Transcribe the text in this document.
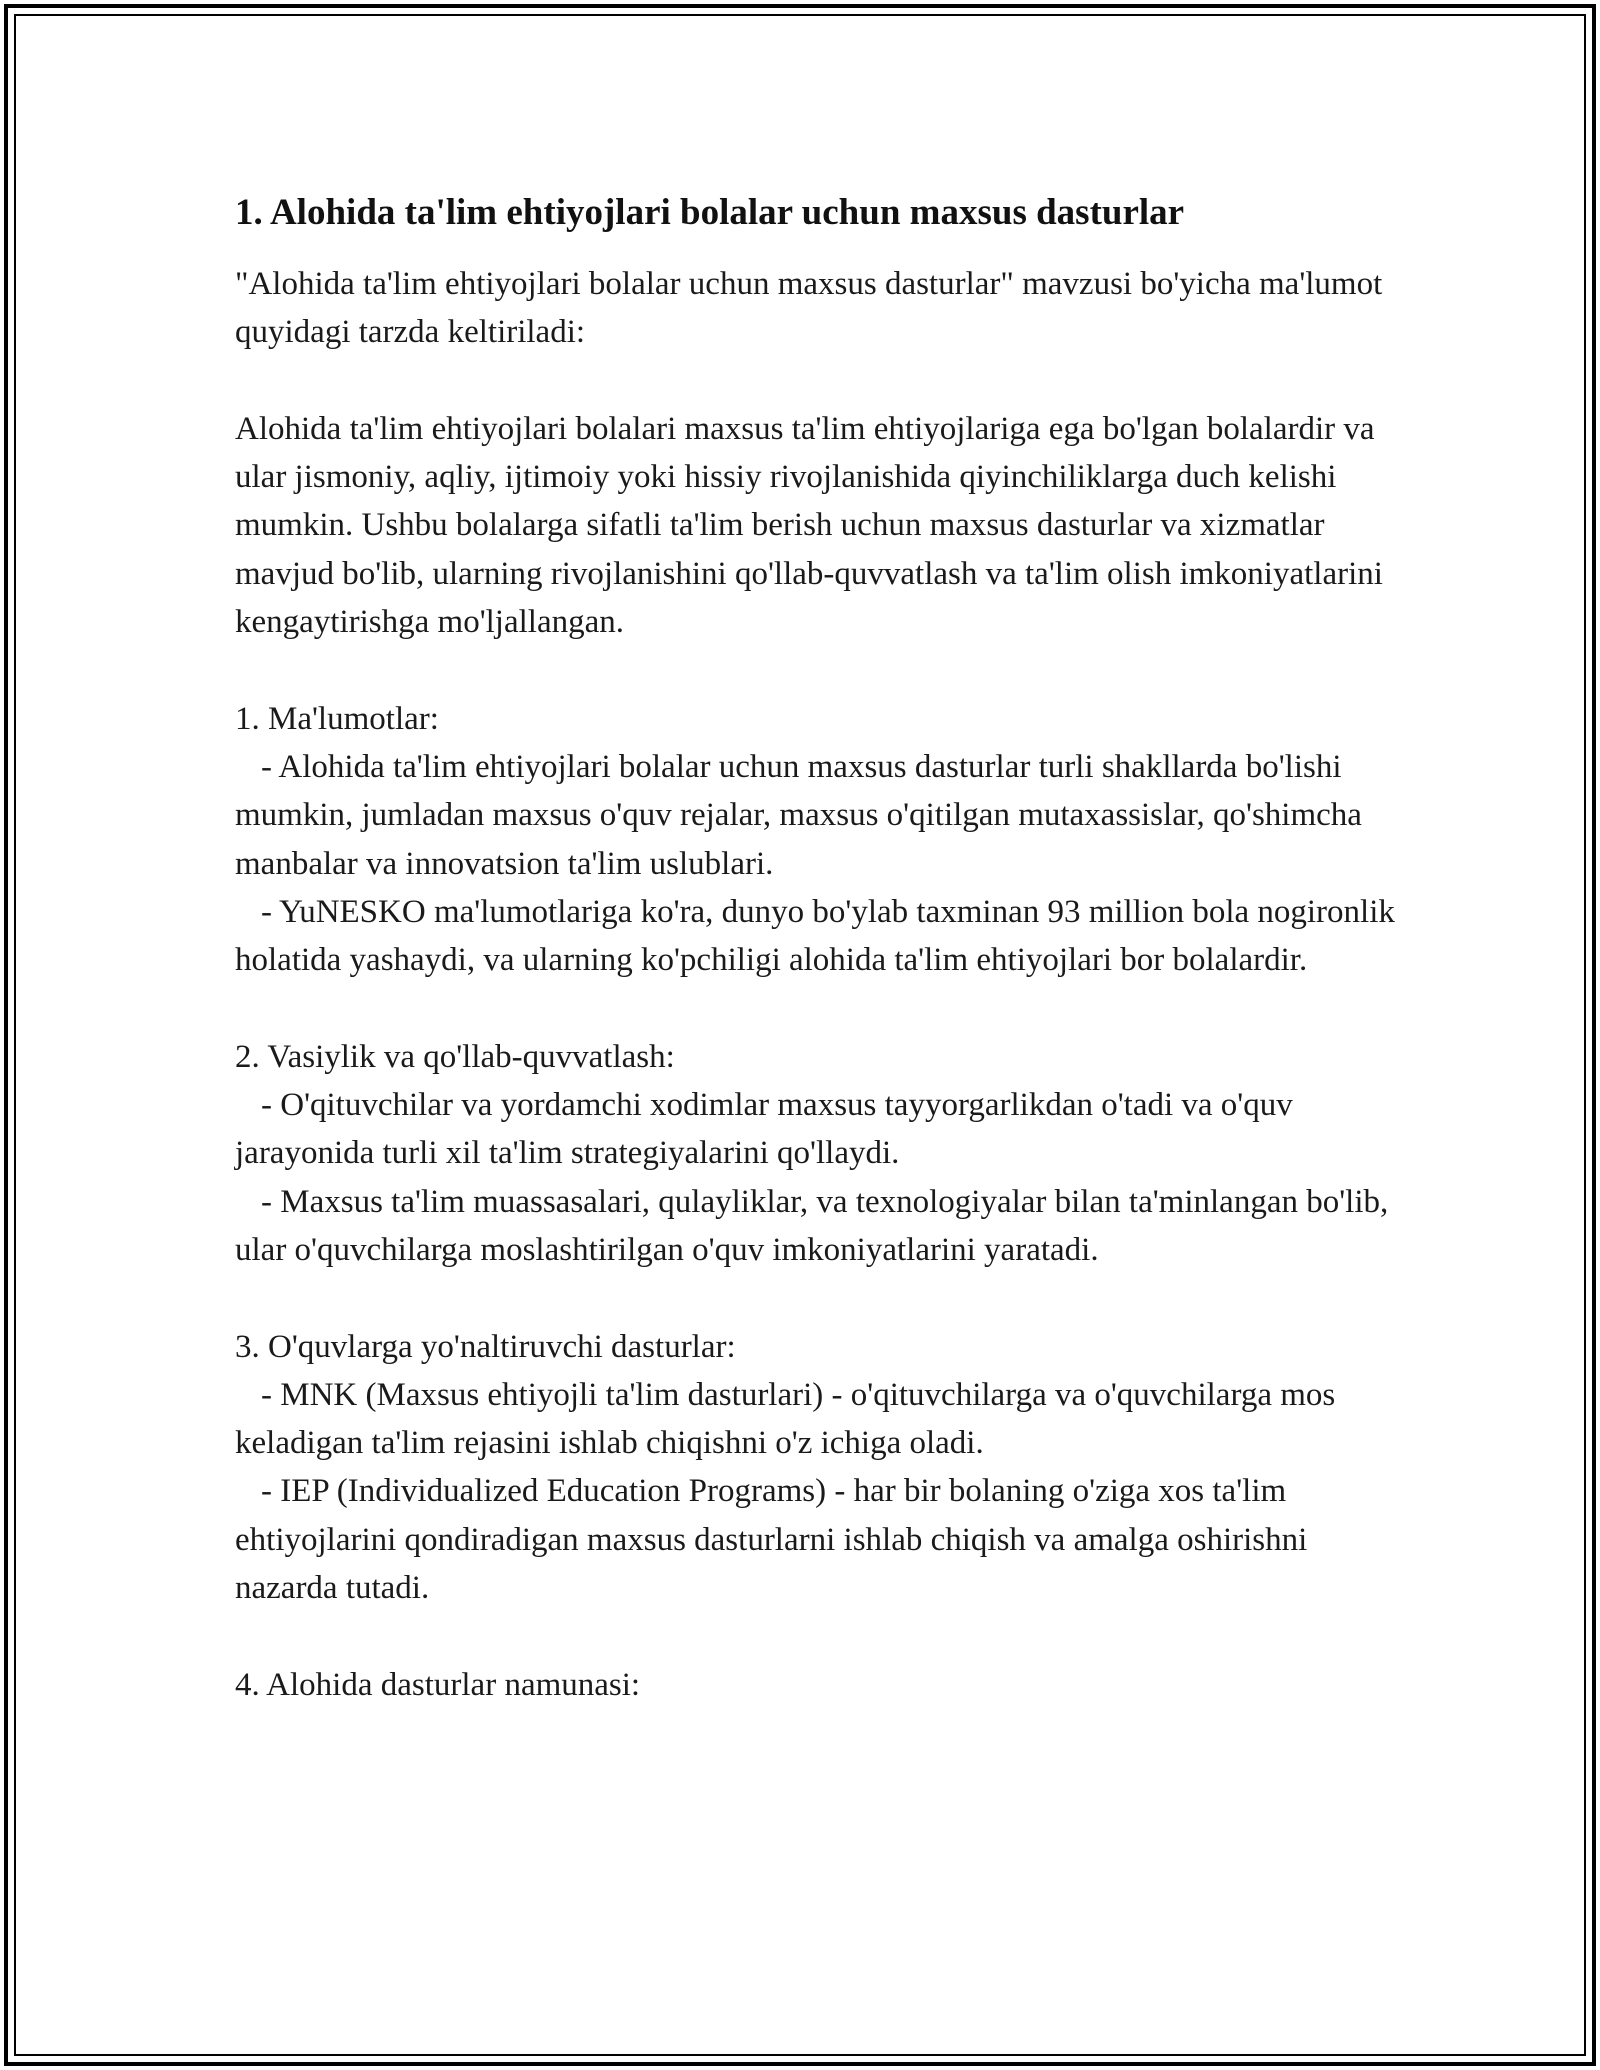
1. Alohida ta'lim ehtiyojlari bolalar uchun maxsus dasturlar

"Alohida ta'lim ehtiyojlari bolalar uchun maxsus dasturlar" mavzusi bo'yicha ma'lumot quyidagi tarzda keltiriladi:

Alohida ta'lim ehtiyojlari bolalari maxsus ta'lim ehtiyojlariga ega bo'lgan bolalardir va ular jismoniy, aqliy, ijtimoiy yoki hissiy rivojlanishida qiyinchiliklarga duch kelishi mumkin. Ushbu bolalarga sifatli ta'lim berish uchun maxsus dasturlar va xizmatlar mavjud bo'lib, ularning rivojlanishini qo'llab-quvvatlash va ta'lim olish imkoniyatlarini kengaytirishga mo'ljallangan.

1. Ma'lumotlar:

- Alohida ta'lim ehtiyojlari bolalar uchun maxsus dasturlar turli shakllarda bo'lishi mumkin, jumladan maxsus o'quv rejalar, maxsus o'qitilgan mutaxassislar, qo'shimcha manbalar va innovatsion ta'lim uslublari.

- YuNESKO ma'lumotlariga ko'ra, dunyo bo'ylab taxminan 93 million bola nogironlik holatida yashaydi, va ularning ko'pchiligi alohida ta'lim ehtiyojlari bor bolalardir.

2. Vasiylik va qo'llab-quvvatlash:

- O'qituvchilar va yordamchi xodimlar maxsus tayyorgarlikdan o'tadi va o'quv jarayonida turli xil ta'lim strategiyalarini qo'llaydi.

- Maxsus ta'lim muassasalari, qulayliklar, va texnologiyalar bilan ta'minlangan bo'lib, ular o'quvchilarga moslashtirilgan o'quv imkoniyatlarini yaratadi.

3. O'quvlarga yo'naltiruvchi dasturlar:

- MNK (Maxsus ehtiyojli ta'lim dasturlari) - o'qituvchilarga va o'quvchilarga mos keladigan ta'lim rejasini ishlab chiqishni o'z ichiga oladi.

- IEP (Individualized Education Programs) - har bir bolaning o'ziga xos ta'lim ehtiyojlarini qondiradigan maxsus dasturlarni ishlab chiqish va amalga oshirishni nazarda tutadi.

4. Alohida dasturlar namunasi:
